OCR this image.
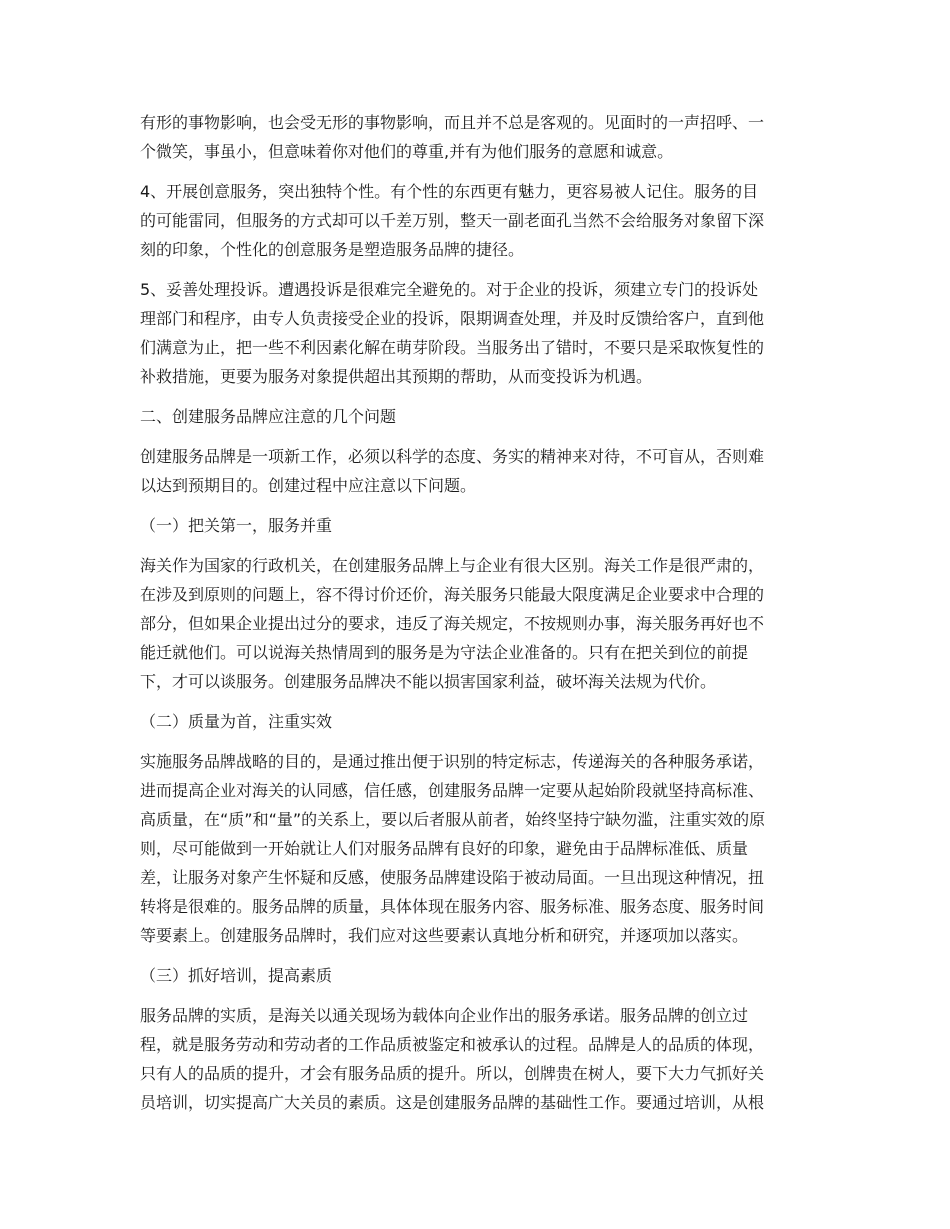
有形的事物影响，也会受无形的事物影响，而且并不总是客观的。见面时的一声招呼、一
个微笑，事虽小，但意味着你对他们的尊重,并有为他们服务的意愿和诚意。
4、开展创意服务，突出独特个性。有个性的东西更有魅力，更容易被人记住。服务的目
的可能雷同，但服务的方式却可以千差万别，整天一副老面孔当然不会给服务对象留下深
刻的印象，个性化的创意服务是塑造服务品牌的捷径。
5、妥善处理投诉。遭遇投诉是很难完全避免的。对于企业的投诉，须建立专门的投诉处
理部门和程序，由专人负责接受企业的投诉，限期调查处理，并及时反馈给客户，直到他
们满意为止，把一些不利因素化解在萌芽阶段。当服务出了错时，不要只是采取恢复性的
补救措施，更要为服务对象提供超出其预期的帮助，从而变投诉为机遇。
二、创建服务品牌应注意的几个问题
创建服务品牌是一项新工作，必须以科学的态度、务实的精神来对待，不可盲从，否则难
以达到预期目的。创建过程中应注意以下问题。
（一）把关第一，服务并重
海关作为国家的行政机关，在创建服务品牌上与企业有很大区别。海关工作是很严肃的，
在涉及到原则的问题上，容不得讨价还价，海关服务只能最大限度满足企业要求中合理的
部分，但如果企业提出过分的要求，违反了海关规定，不按规则办事，海关服务再好也不
能迁就他们。可以说海关热情周到的服务是为守法企业准备的。只有在把关到位的前提
下，才可以谈服务。创建服务品牌决不能以损害国家利益，破坏海关法规为代价。
（二）质量为首，注重实效
实施服务品牌战略的目的，是通过推出便于识别的特定标志，传递海关的各种服务承诺，
进而提高企业对海关的认同感，信任感，创建服务品牌一定要从起始阶段就坚持高标准、
高质量，在“质”和“量”的关系上，要以后者服从前者，始终坚持宁缺勿滥，注重实效的原
则，尽可能做到一开始就让人们对服务品牌有良好的印象，避免由于品牌标准低、质量
差，让服务对象产生怀疑和反感，使服务品牌建设陷于被动局面。一旦出现这种情况，扭
转将是很难的。服务品牌的质量，具体体现在服务内容、服务标准、服务态度、服务时间
等要素上。创建服务品牌时，我们应对这些要素认真地分析和研究，并逐项加以落实。
（三）抓好培训，提高素质
服务品牌的实质，是海关以通关现场为载体向企业作出的服务承诺。服务品牌的创立过
程，就是服务劳动和劳动者的工作品质被鉴定和被承认的过程。品牌是人的品质的体现，
只有人的品质的提升，才会有服务品质的提升。所以，创牌贵在树人，要下大力气抓好关
员培训，切实提高广大关员的素质。这是创建服务品牌的基础性工作。要通过培训，从根
